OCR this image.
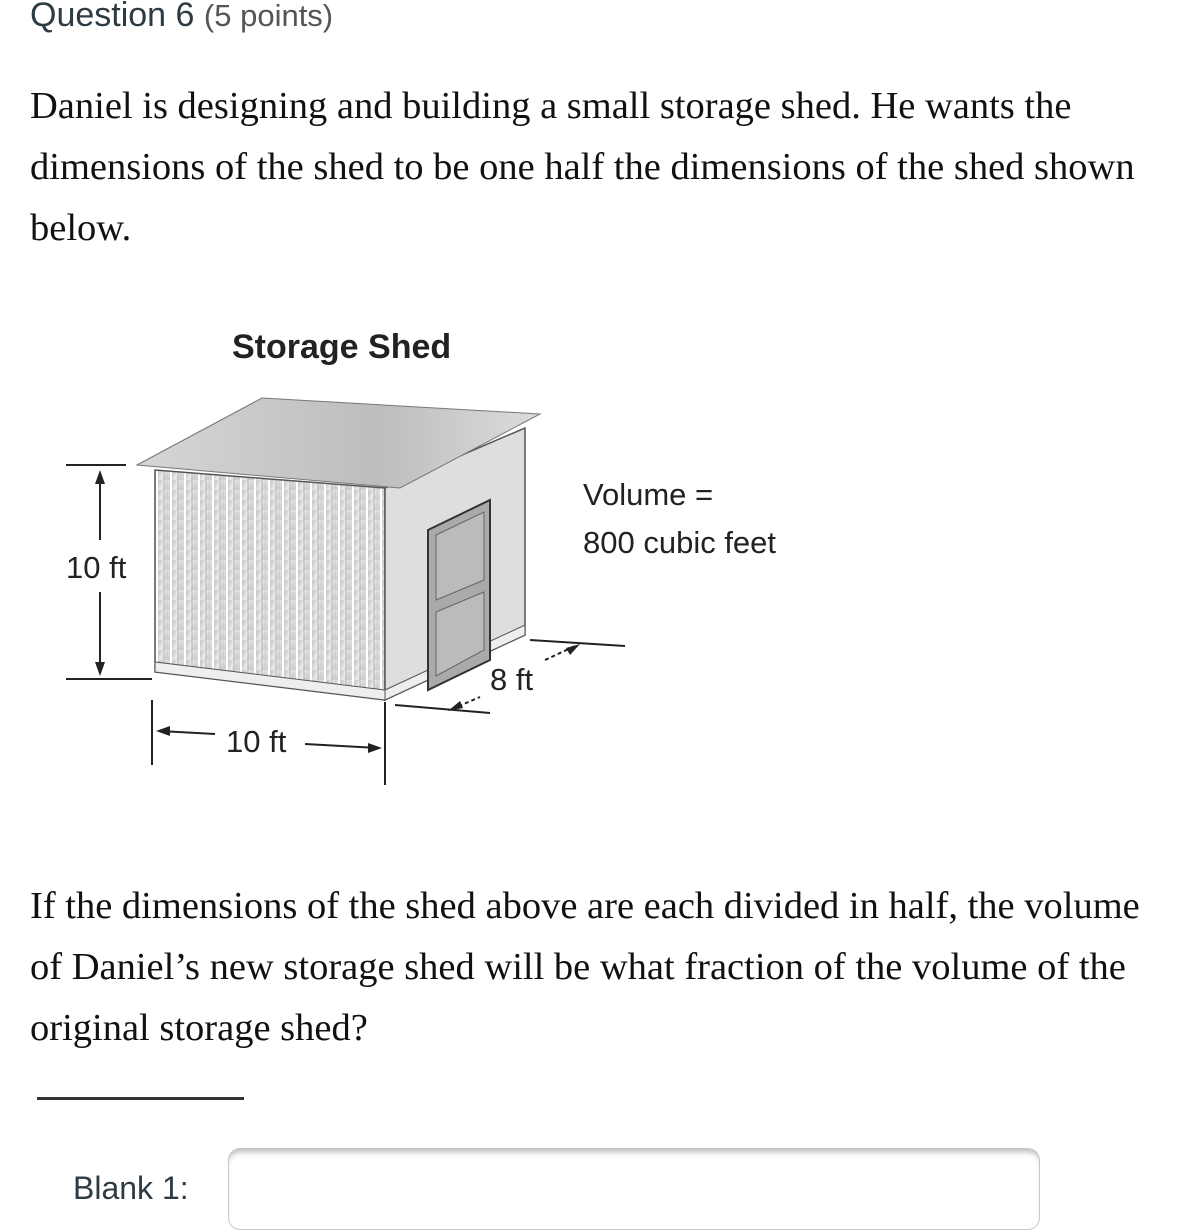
Question 6 (5 points)
Daniel is designing and building a small storage shed. He wants the dimensions of the shed to be one half the dimensions of the shed shown below.
Storage Shed
10 ft
10 ft
8 ft
Volume =
800 cubic feet
If the dimensions of the shed above are each divided in half, the volume of Daniel’s new storage shed will be what fraction of the volume of the original storage shed?
Blank 1:
